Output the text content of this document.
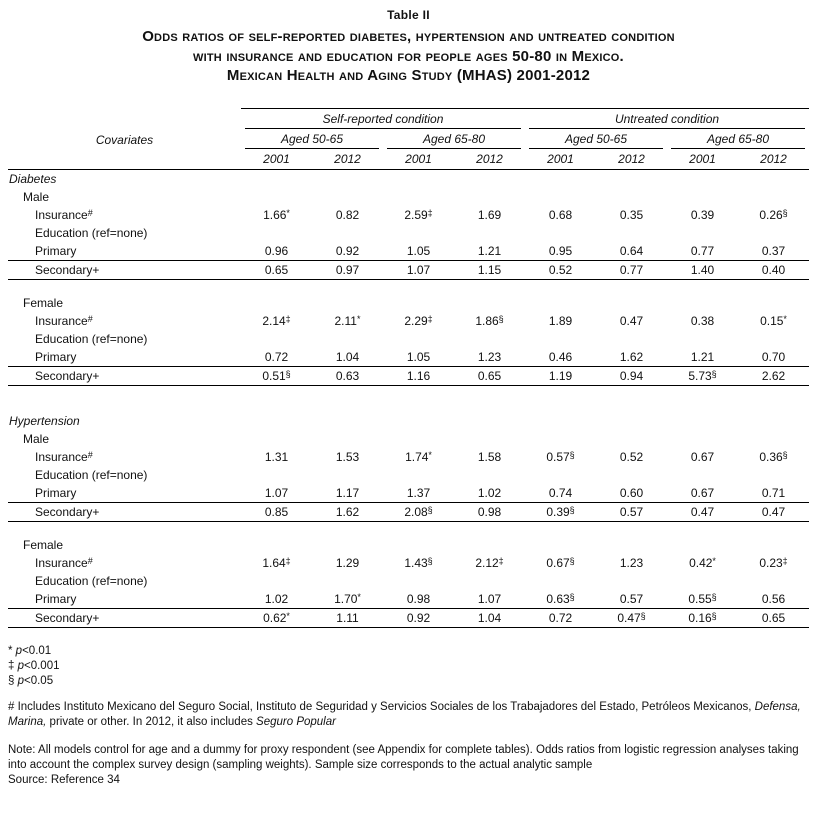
Table II
Odds ratios of self-reported diabetes, hypertension and untreated condition
with insurance and education for people ages 50-80 in Mexico.
Mexican Health and Aging Study (MHAS) 2001-2012

	Self-reported condition				Untreated condition			

Covariates	Aged 50-65		Aged 65-80		Aged 50-65		Aged 65-80	

	2001	2012	2001	2012	2001	2012	2001	2012
Diabetes								
Male								
Insurance#	1.66*	0.82	2.59‡	1.69	0.68	0.35	0.39	0.26§
Education (ref=none)								
Primary	0.96	0.92	1.05	1.21	0.95	0.64	0.77	0.37
Secondary+	0.65	0.97	1.07	1.15	0.52	0.77	1.40	0.40

Female								
Insurance#	2.14‡	2.11*	2.29‡	1.86§	1.89	0.47	0.38	0.15*
Education (ref=none)								
Primary	0.72	1.04	1.05	1.23	0.46	1.62	1.21	0.70
Secondary+	0.51§	0.63	1.16	0.65	1.19	0.94	5.73§	2.62

Hypertension								
Male								
Insurance#	1.31	1.53	1.74*	1.58	0.57§	0.52	0.67	0.36§
Education (ref=none)								
Primary	1.07	1.17	1.37	1.02	0.74	0.60	0.67	0.71
Secondary+	0.85	1.62	2.08§	0.98	0.39§	0.57	0.47	0.47

Female								
Insurance#	1.64‡	1.29	1.43§	2.12‡	0.67§	1.23	0.42*	0.23‡
Education (ref=none)								
Primary	1.02	1.70*	0.98	1.07	0.63§	0.57	0.55§	0.56
Secondary+	0.62*	1.11	0.92	1.04	0.72	0.47§	0.16§	0.65
* p<0.01
‡ p<0.001
§ p<0.05
# Includes Instituto Mexicano del Seguro Social, Instituto de Seguridad y Servicios Sociales de los Trabajadores del Estado, Petróleos Mexicanos, Defensa, Marina, private or other. In 2012, it also includes Seguro Popular
Note: All models control for age and a dummy for proxy respondent (see Appendix for complete tables). Odds ratios from logistic regression analyses taking into account the complex survey design (sampling weights). Sample size corresponds to the actual analytic sample
Source: Reference 34
